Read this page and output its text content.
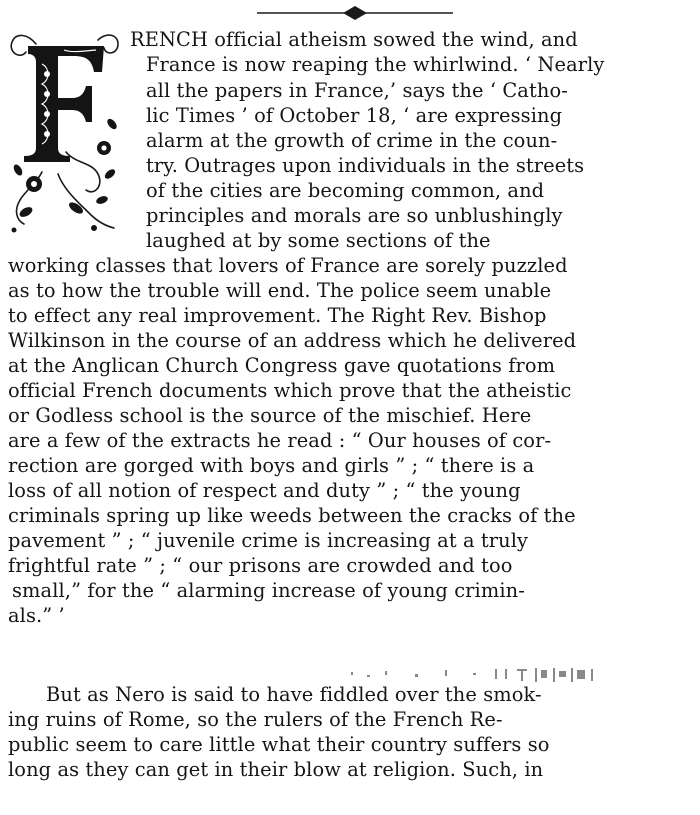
RENCH official atheism sowed the wind, and
France is now reaping the whirlwind. ‘ Nearly
all the papers in France,’ says the ‘ Catho-
lic Times ’ of October 18, ‘ are expressing
alarm at the growth of crime in the coun-
try. Outrages upon individuals in the streets
of the cities are becoming common, and
principles and morals are so unblushingly
laughed at by some sections of the
working classes that lovers of France are sorely puzzled
as to how the trouble will end. The police seem unable
to effect any real improvement. The Right Rev. Bishop
Wilkinson in the course of an address which he delivered
at the Anglican Church Congress gave quotations from
official French documents which prove that the atheistic
or Godless school is the source of the mischief. Here
are a few of the extracts he read : “ Our houses of cor-
rection are gorged with boys and girls ” ; “ there is a
loss of all notion of respect and duty ” ; “ the young
criminals spring up like weeds between the cracks of the
pavement ” ; “ juvenile crime is increasing at a truly
frightful rate ” ; “ our prisons are crowded and too
small,” for the “ alarming increase of young crimin-
als.” ’
But as Nero is said to have fiddled over the smok-
ing ruins of Rome, so the rulers of the French Re-
public seem to care little what their country suffers so
long as they can get in their blow at religion. Such, in
